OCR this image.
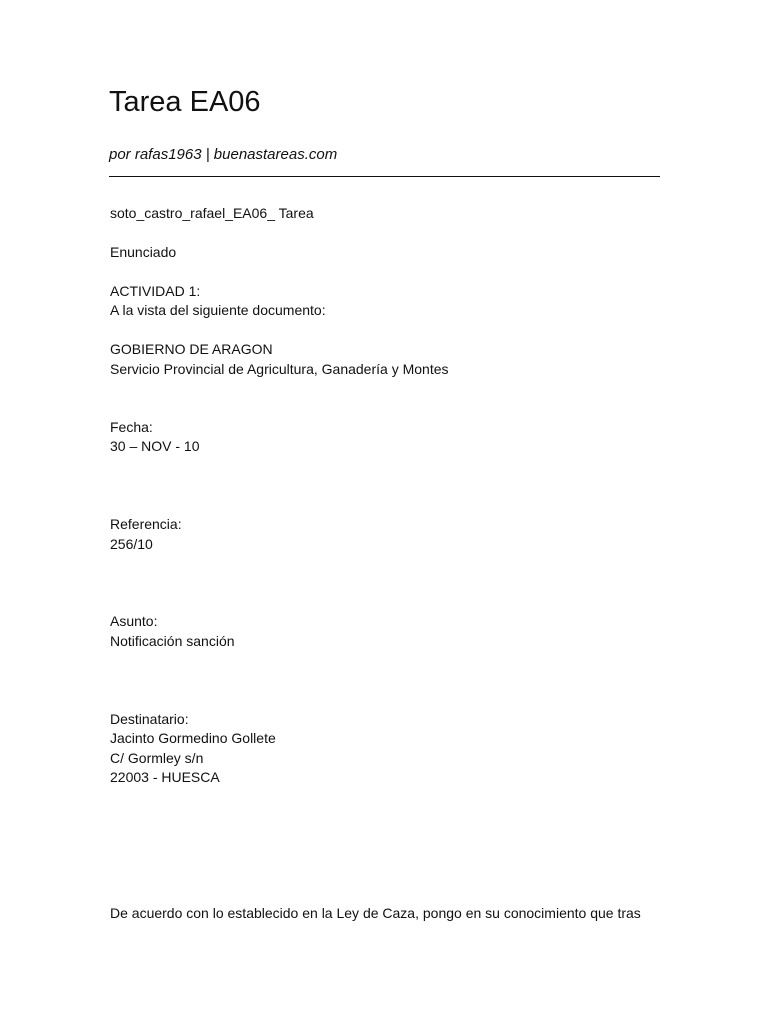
Tarea EA06
por rafas1963 | buenastareas.com
soto_castro_rafael_EA06_ Tarea
Enunciado
ACTIVIDAD 1:
A la vista del siguiente documento:
GOBIERNO DE ARAGON
Servicio Provincial de Agricultura, Ganadería y Montes
Fecha:
30 – NOV - 10
Referencia:
256/10
Asunto:
Notificación sanción
Destinatario:
Jacinto Gormedino Gollete
C/ Gormley s/n
22003 - HUESCA
De acuerdo con lo establecido en la Ley de Caza, pongo en su conocimiento que tras
